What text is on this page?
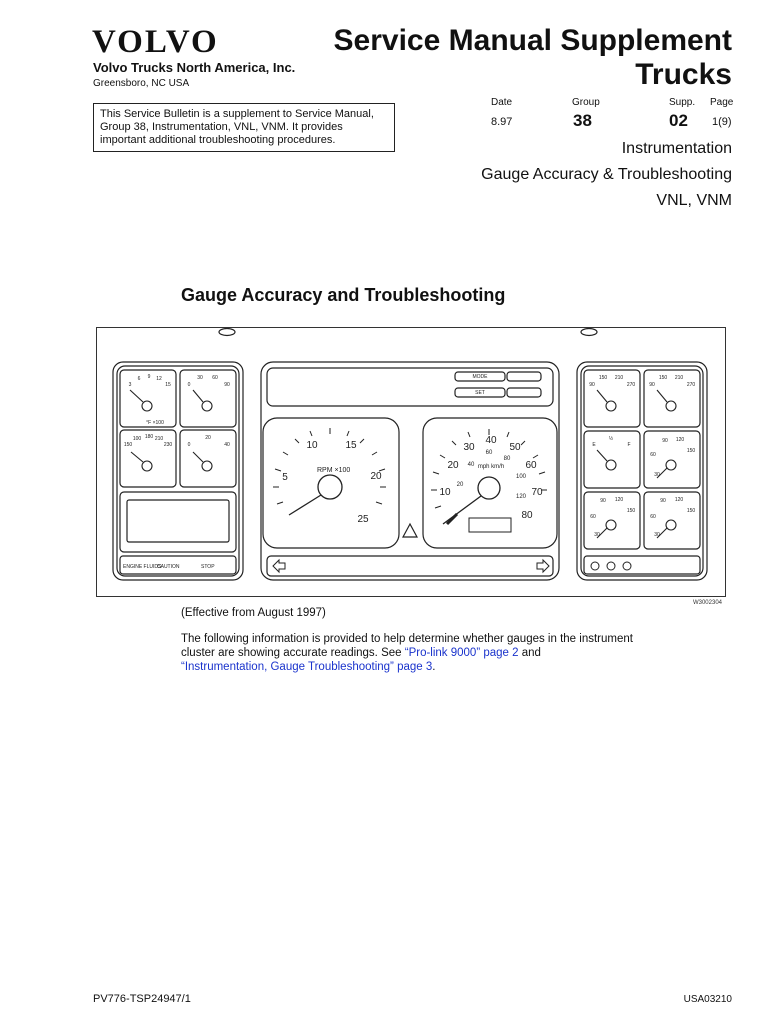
VOLVO
Volvo Trucks North America, Inc.
Greensboro, NC USA
Service Manual Supplement
Trucks
This Service Bulletin is a supplement to Service Manual, Group 38, Instrumentation, VNL, VNM. It provides important additional troubleshooting procedures.
Date	Group	Supp. Page
8.97	38	02 1(9)
Instrumentation
Gauge Accuracy & Troubleshooting
VNL, VNM
Gauge Accuracy and Troubleshooting
RPM ×100
5
10	15
20
25
10
20
30
40
50
60
70
80
20
40
60
80
100
120
mph km/h
MODE
SET
ENGINE FLUIDS
CAUTION	STOP
3
6 9 12
15
°F ×100
0
30 60
90
150
100 180 210
230	0
20
40
90
150 210
270	90
150 210
270
E
½
F
30
60
90 120
150
30
60
90 120
150
30
60
90 120
150
W3002304
(Effective from August 1997)
The following information is provided to help determine whether gauges in the instrument cluster are showing accurate readings. See “Pro-link 9000” page 2 and
“Instrumentation, Gauge Troubleshooting” page 3.
PV776-TSP24947/1	USA03210
